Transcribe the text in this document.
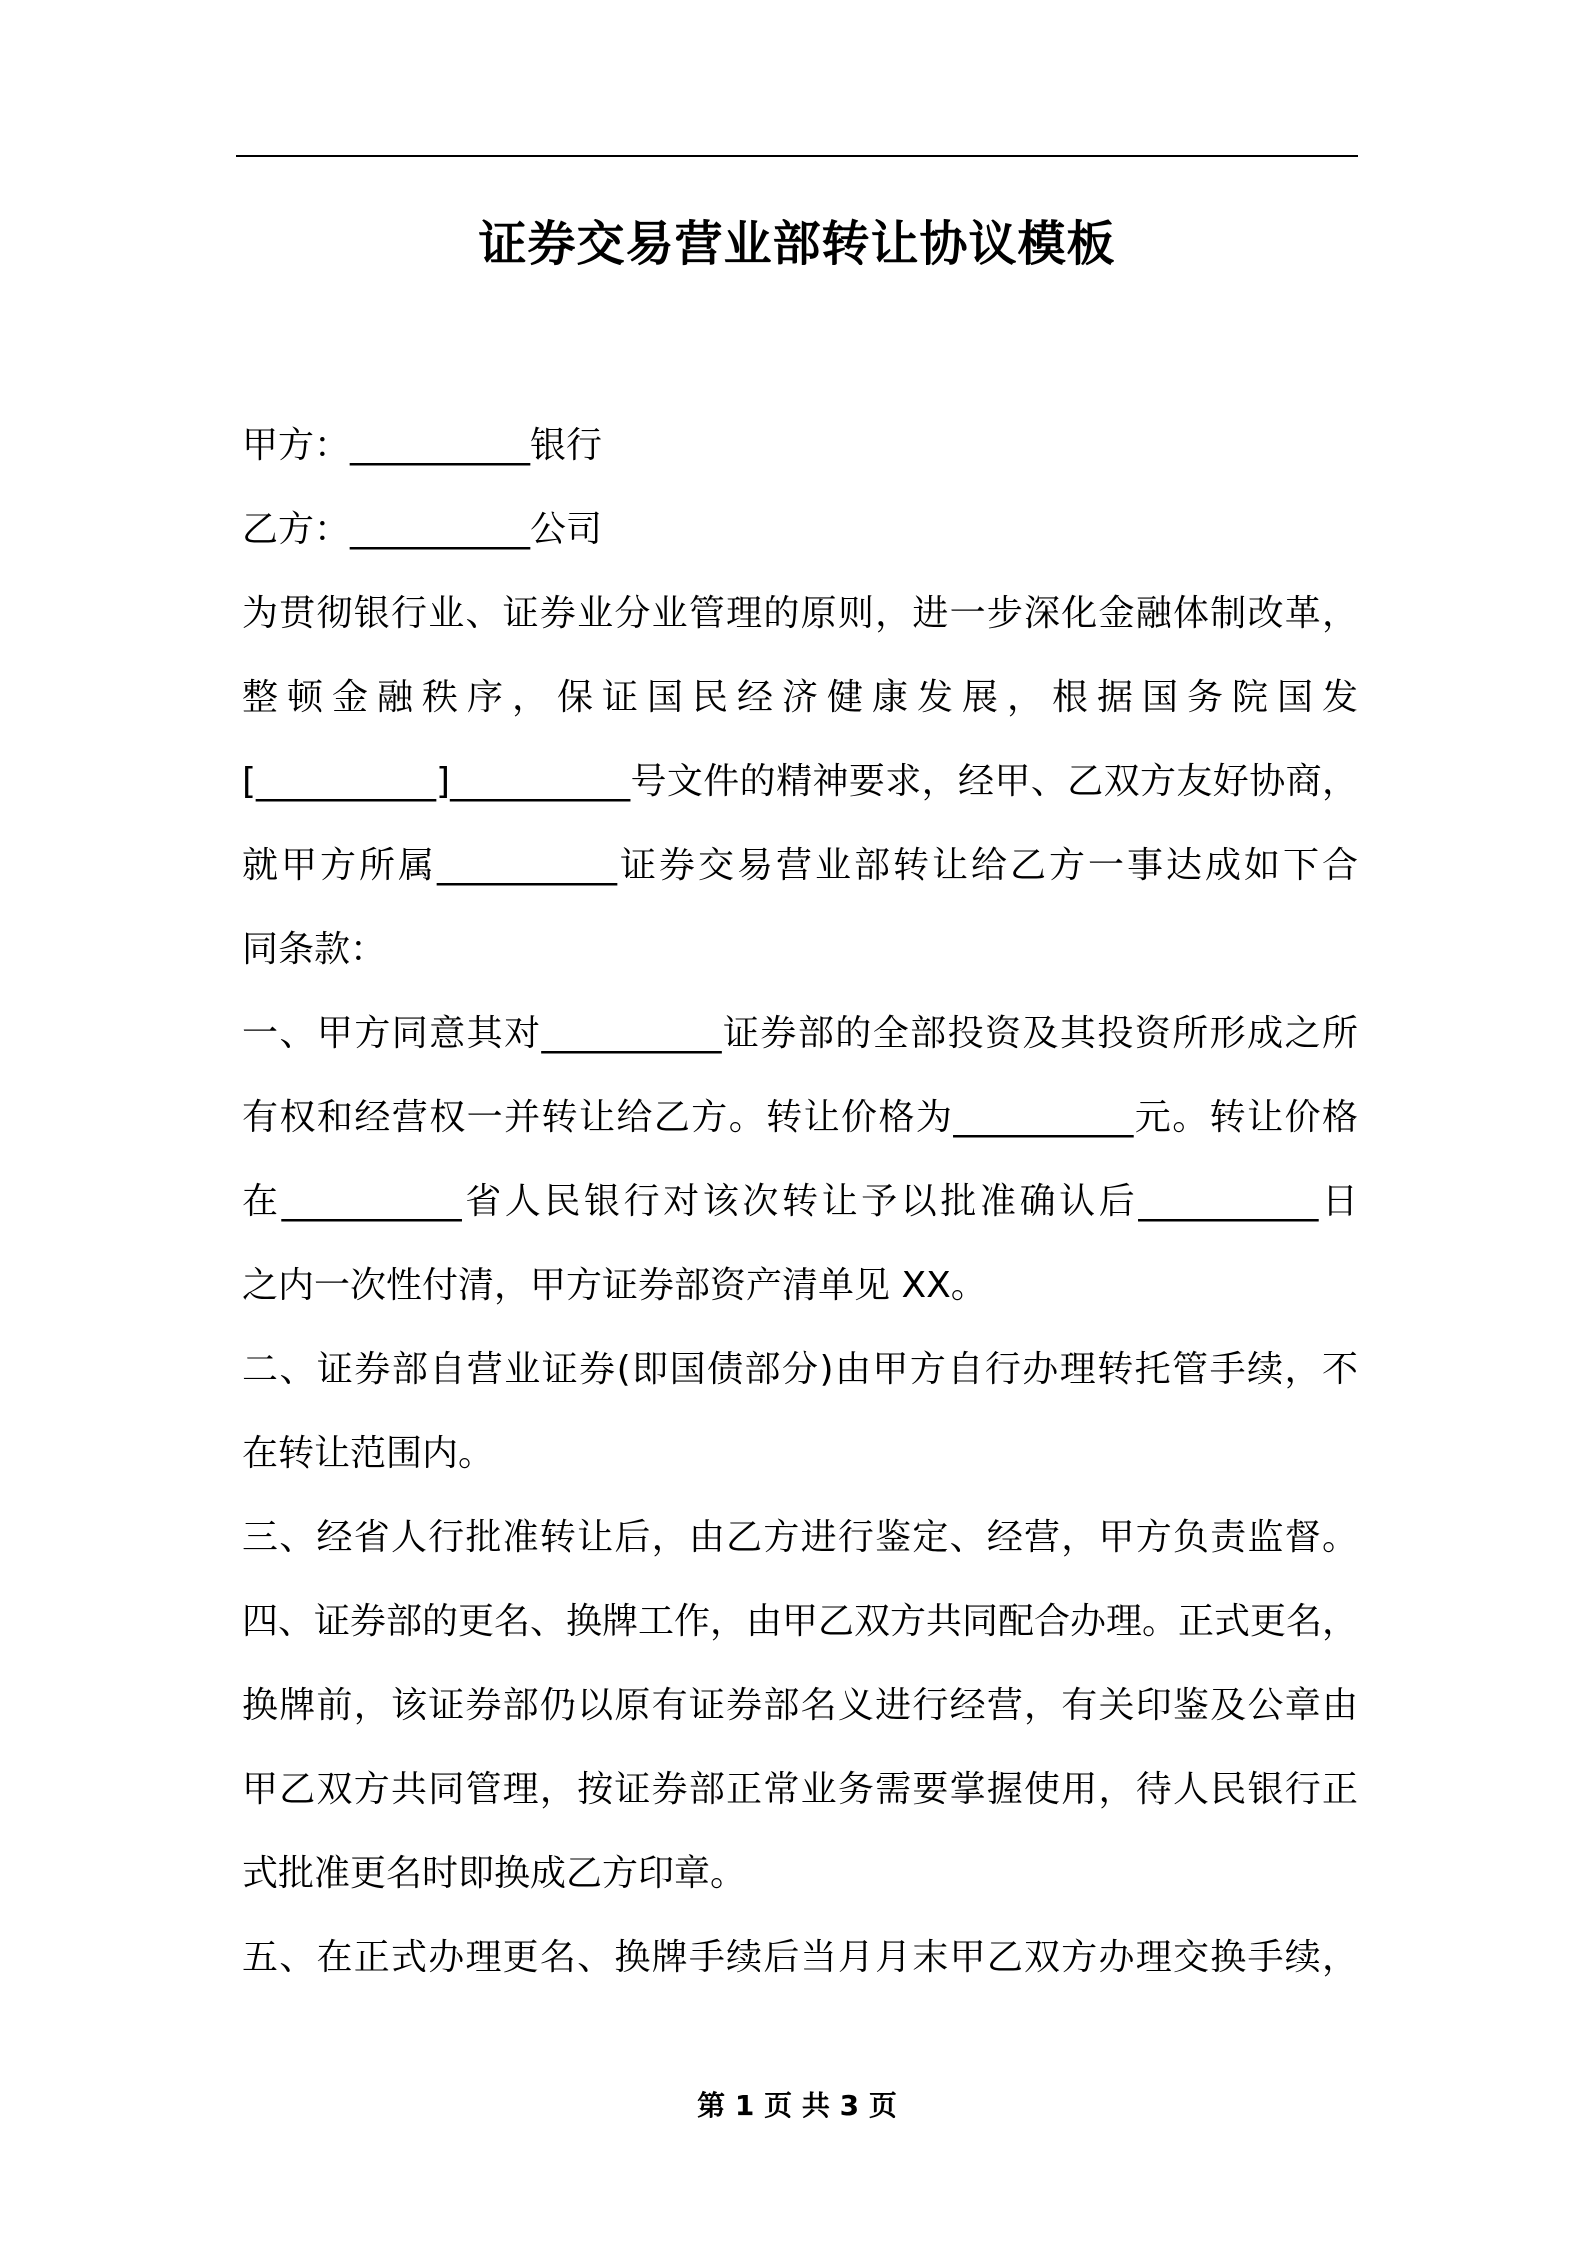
证券交易营业部转让协议模板
甲方：__________银行
乙方：__________公司
为贯彻银行业、证券业分业管理的原则，进一步深化金融体制改革，
整顿金融秩序，保证国民经济健康发展，根据国务院国发
[__________]__________号文件的精神要求，经甲、乙双方友好协商，
就甲方所属__________证券交易营业部转让给乙方一事达成如下合
同条款：
一、甲方同意其对__________证券部的全部投资及其投资所形成之所
有权和经营权一并转让给乙方。转让价格为__________元。转让价格
在__________省人民银行对该次转让予以批准确认后__________日
之内一次性付清，甲方证券部资产清单见 XX。
二、证券部自营业证券(即国债部分)由甲方自行办理转托管手续，不
在转让范围内。
三、经省人行批准转让后，由乙方进行鉴定、经营，甲方负责监督。
四、证券部的更名、换牌工作，由甲乙双方共同配合办理。正式更名，
换牌前，该证券部仍以原有证券部名义进行经营，有关印鉴及公章由
甲乙双方共同管理，按证券部正常业务需要掌握使用，待人民银行正
式批准更名时即换成乙方印章。
五、在正式办理更名、换牌手续后当月月末甲乙双方办理交换手续，
第 1 页 共 3 页
